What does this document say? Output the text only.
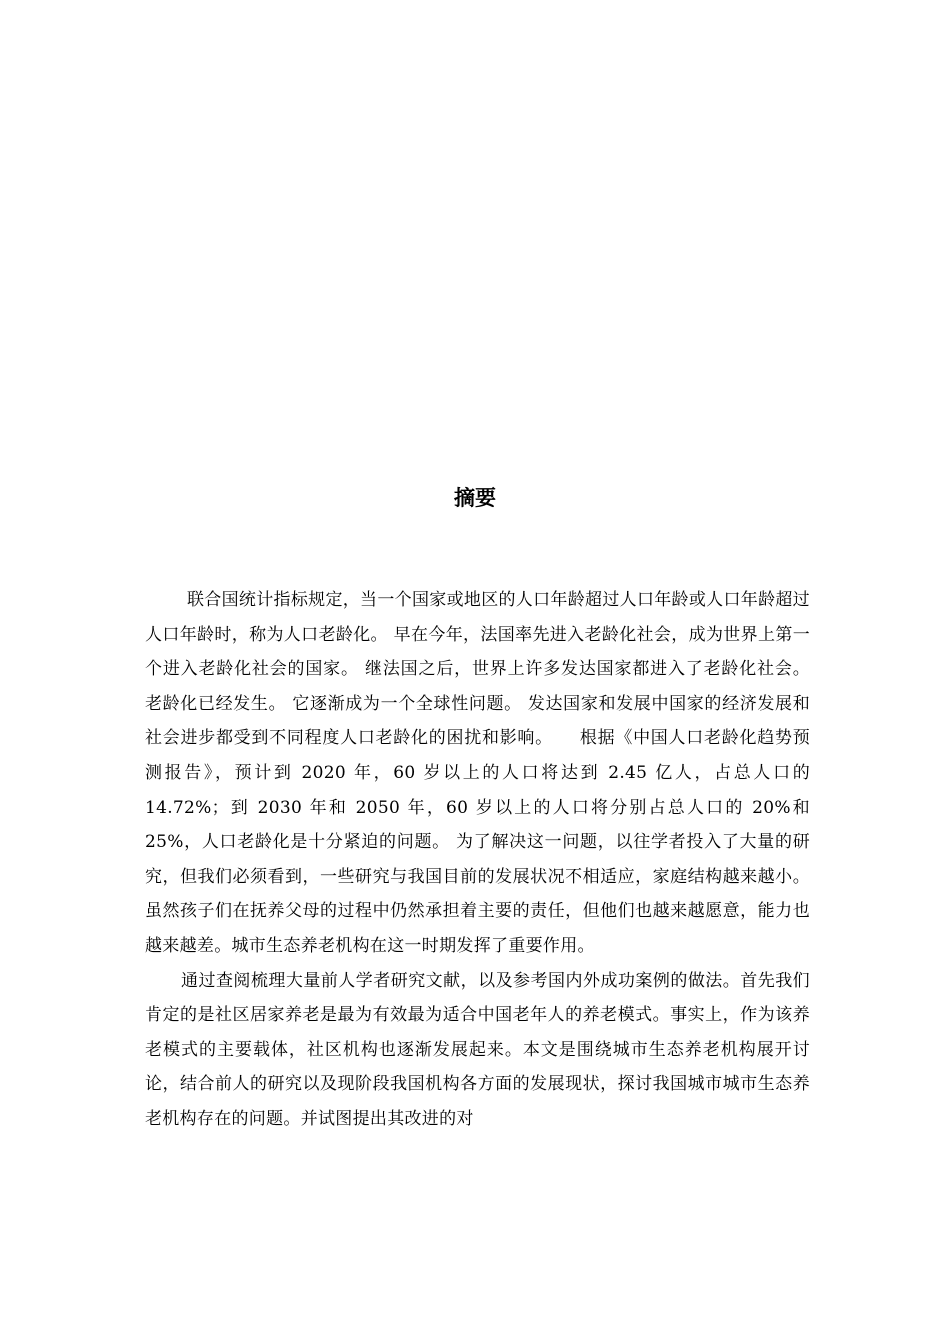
摘要

联合国统计指标规定，当一个国家或地区的人口年龄超过人口年龄或人口年龄超过人口年龄时，称为人口老龄化。 早在今年，法国率先进入老龄化社会，成为世界上第一个进入老龄化社会的国家。 继法国之后，世界上许多发达国家都进入了老龄化社会。 老龄化已经发生。 它逐渐成为一个全球性问题。 发达国家和发展中国家的经济发展和社会进步都受到不同程度人口老龄化的困扰和影响。　　根据《中国人口老龄化趋势预测报告》，预计到 2020 年，60 岁以上的人口将达到 2.45 亿人，占总人口的 14.72%；到 2030 年和 2050 年，60 岁以上的人口将分别占总人口的 20%和 25%，人口老龄化是十分紧迫的问题。 为了解决这一问题，以往学者投入了大量的研究，但我们必须看到，一些研究与我国目前的发展状况不相适应，家庭结构越来越小。虽然孩子们在抚养父母的过程中仍然承担着主要的责任，但他们也越来越愿意，能力也越来越差。城市生态养老机构在这一时期发挥了重要作用。

通过查阅梳理大量前人学者研究文献，以及参考国内外成功案例的做法。首先我们肯定的是社区居家养老是最为有效最为适合中国老年人的养老模式。事实上，作为该养老模式的主要载体，社区机构也逐渐发展起来。本文是围绕城市生态养老机构展开讨论，结合前人的研究以及现阶段我国机构各方面的发展现状，探讨我国城市城市生态养老机构存在的问题。并试图提出其改进的对
